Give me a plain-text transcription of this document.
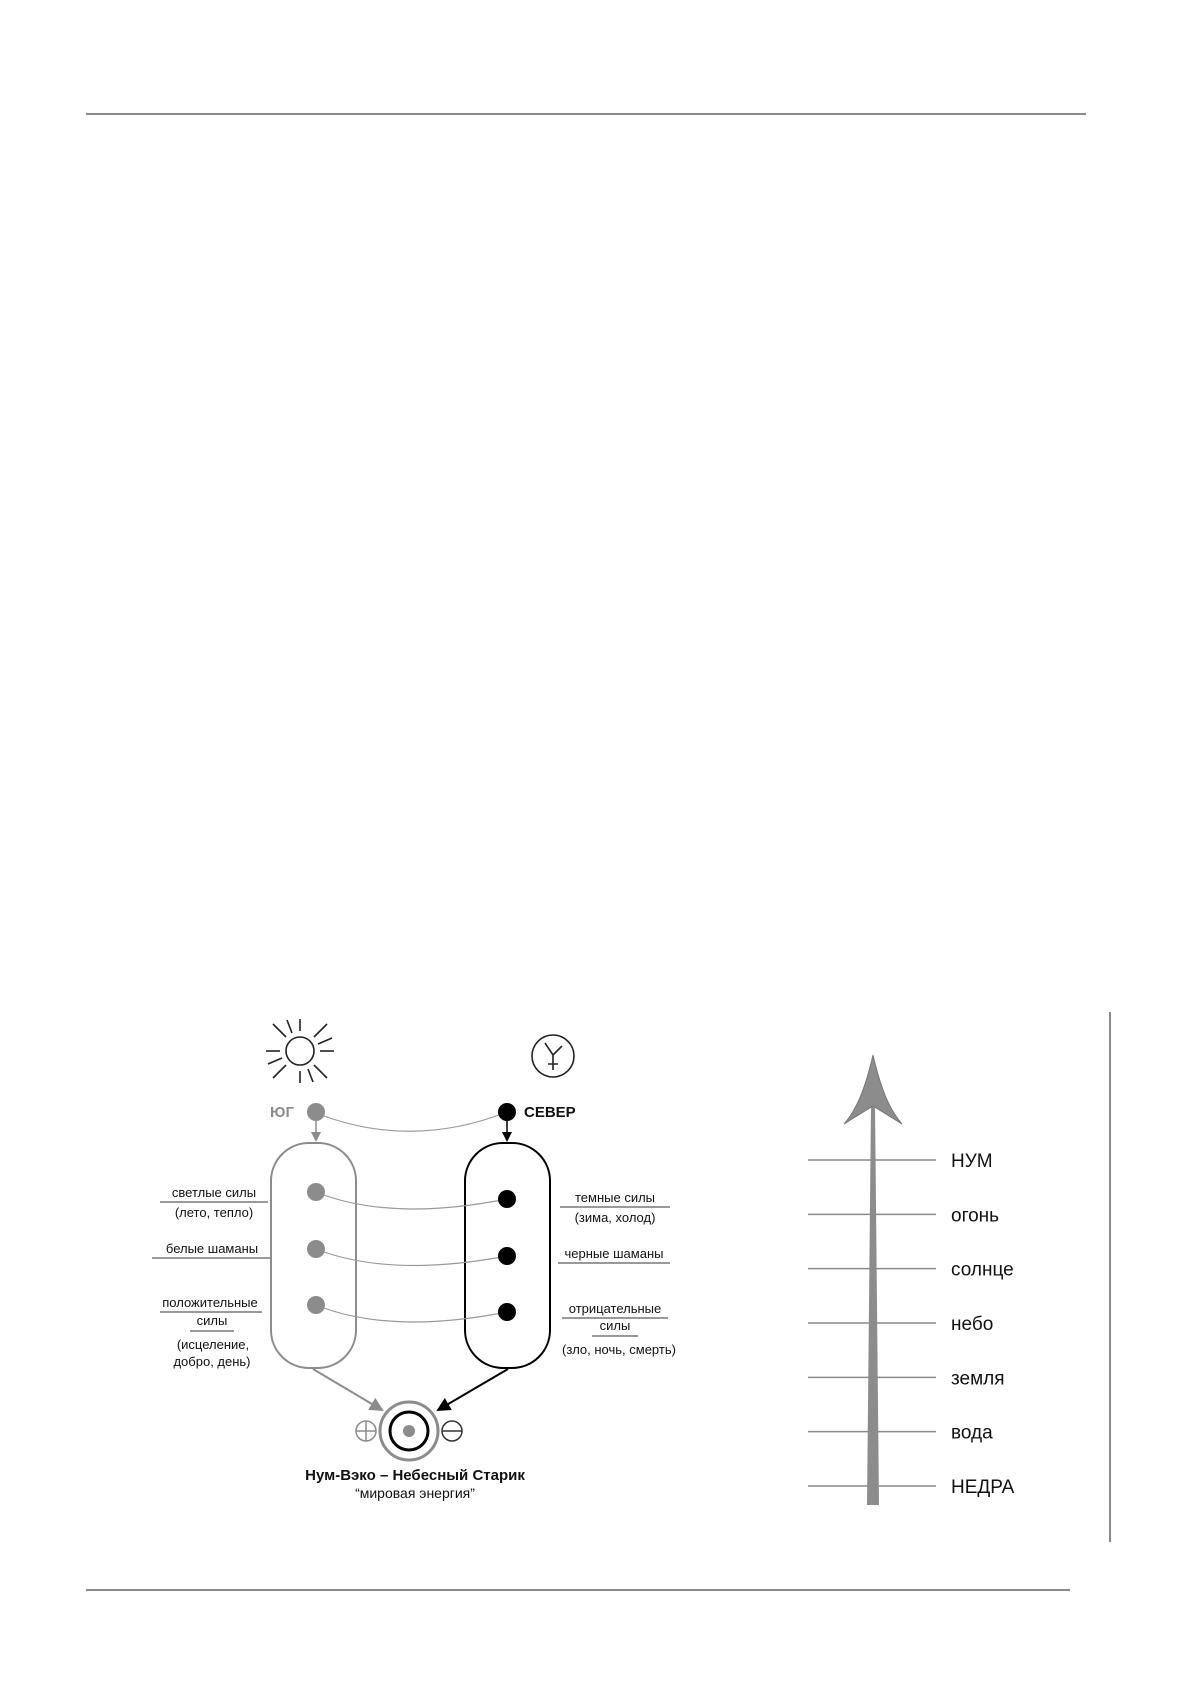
ЮГ	СЕВЕР
светлые силы
(лето, тепло)
белые шаманы
положительные
силы
(исцеление,
добро, день)
темные силы
(зима, холод)
черные шаманы
отрицательные
силы
(зло, ночь, смерть)
Нум-Вэко – Небесный Старик
“мировая энергия”
НУМ
огонь
солнце
небо
земля
вода
НЕДРА
